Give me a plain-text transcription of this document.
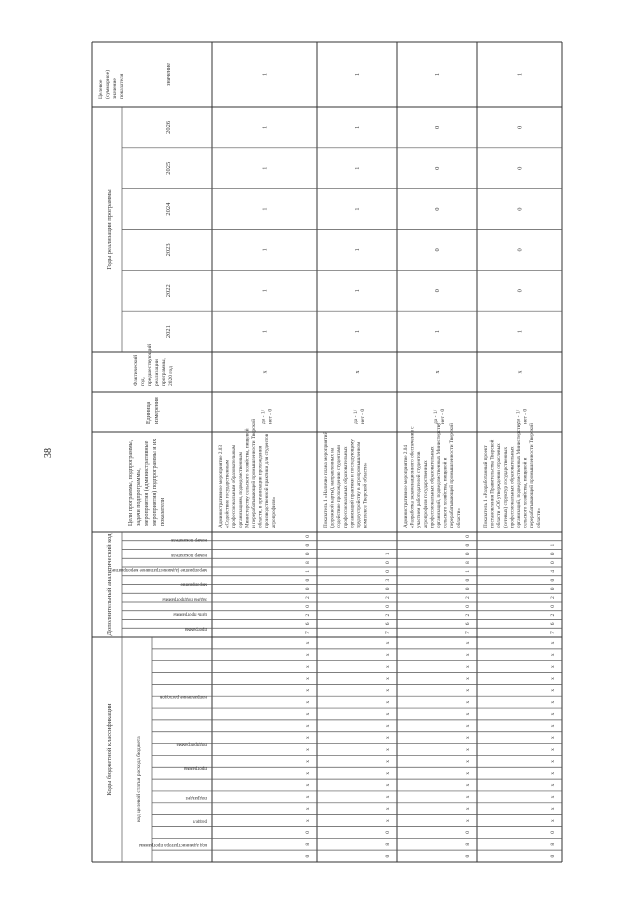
38
Коды бюджетной классификации
Дополнительный аналитический код
Годы реализации программы
код целевой статьи расхода бюджета
код администратора программы
раздел
подраздел
программа
подпрограмма
направление расходов
программа
цель программы
задача подпрограммы
мероприятие
мероприятие (административное мероприятие)
номер показателя
номер показателя
Цели программы, подпрограммы, задачи подпрограммы, мероприятия (административные мероприятия) подпрограммы и их показатели
Единица измерения
Фактическийгод,предшествующийреализациипрограммы,2020 год
2021
2022
2023
2024
2025
2026
Целевое(суммарное)значениепоказателя	значение
0
8
0
x
x
x
x
x
x
x
x
x
x
x
x
x
x
x
x
7
6
2
0
2
0
0
1
8
0
0
0
Административное мероприятие 2.03«Содействие государственнымпрофессиональным образовательныморганизациям, подведомственнымМинистерству сельского хозяйства, пищевойи перерабатывающей промышленности Тверскойобласти, в организации прохожденияпроизводственной практики для студентовагропрофиля»
да - 1/нет - 0
х
1
1
1
1
1
1
1
0
8
0
x
x
x
x
x
x
x
x
x
x
x
x
x
x
x
x
7
6
2
0
2
0
3
0
0
1
Показатель 1 «Наличие плана мероприятий(дорожной карты), направленных насодействие прохождению студентамипрофессиональных образовательныхорганизаций практики и последующемутрудоустройству в агропромышленномкомплексе Тверской области»
да - 1/нет - 0
х
1
1
1
1
1
1
1
0
8
0
x
x
x
x
x
x
x
x
x
x
x
x
x
x
x
x
7
6
2
0
2
0
0
1
8
0
0
0
Административное мероприятие 2.04«Разработка экзаменационного обеспечения сучастием работодателей студентовагропрофиля государственныхпрофессиональных образовательныхорганизаций, подведомственных Министерствусельского хозяйства, пищевой иперерабатывающей промышленности Тверскойобласти»
да - 1/нет - 0
х
1
0
0
0
0
0
1
0
8
0
x
x
x
x
x
x
x
x
x
x
x
x
x
x
x
x
7
6
2
0
2
0
0
4
0
0
1
Показатель 1 «Разработанный проектпостановления Правительства Тверскойобласти «Об утверждении отраслевых(сетевых) структур государственныхпрофессиональных образовательныхорганизаций, подведомственных Министерствусельского хозяйства, пищевой иперерабатывающей промышленности Тверскойобласти»
да - 1/нет - 0
х
1
0
0
0
0
0
1
